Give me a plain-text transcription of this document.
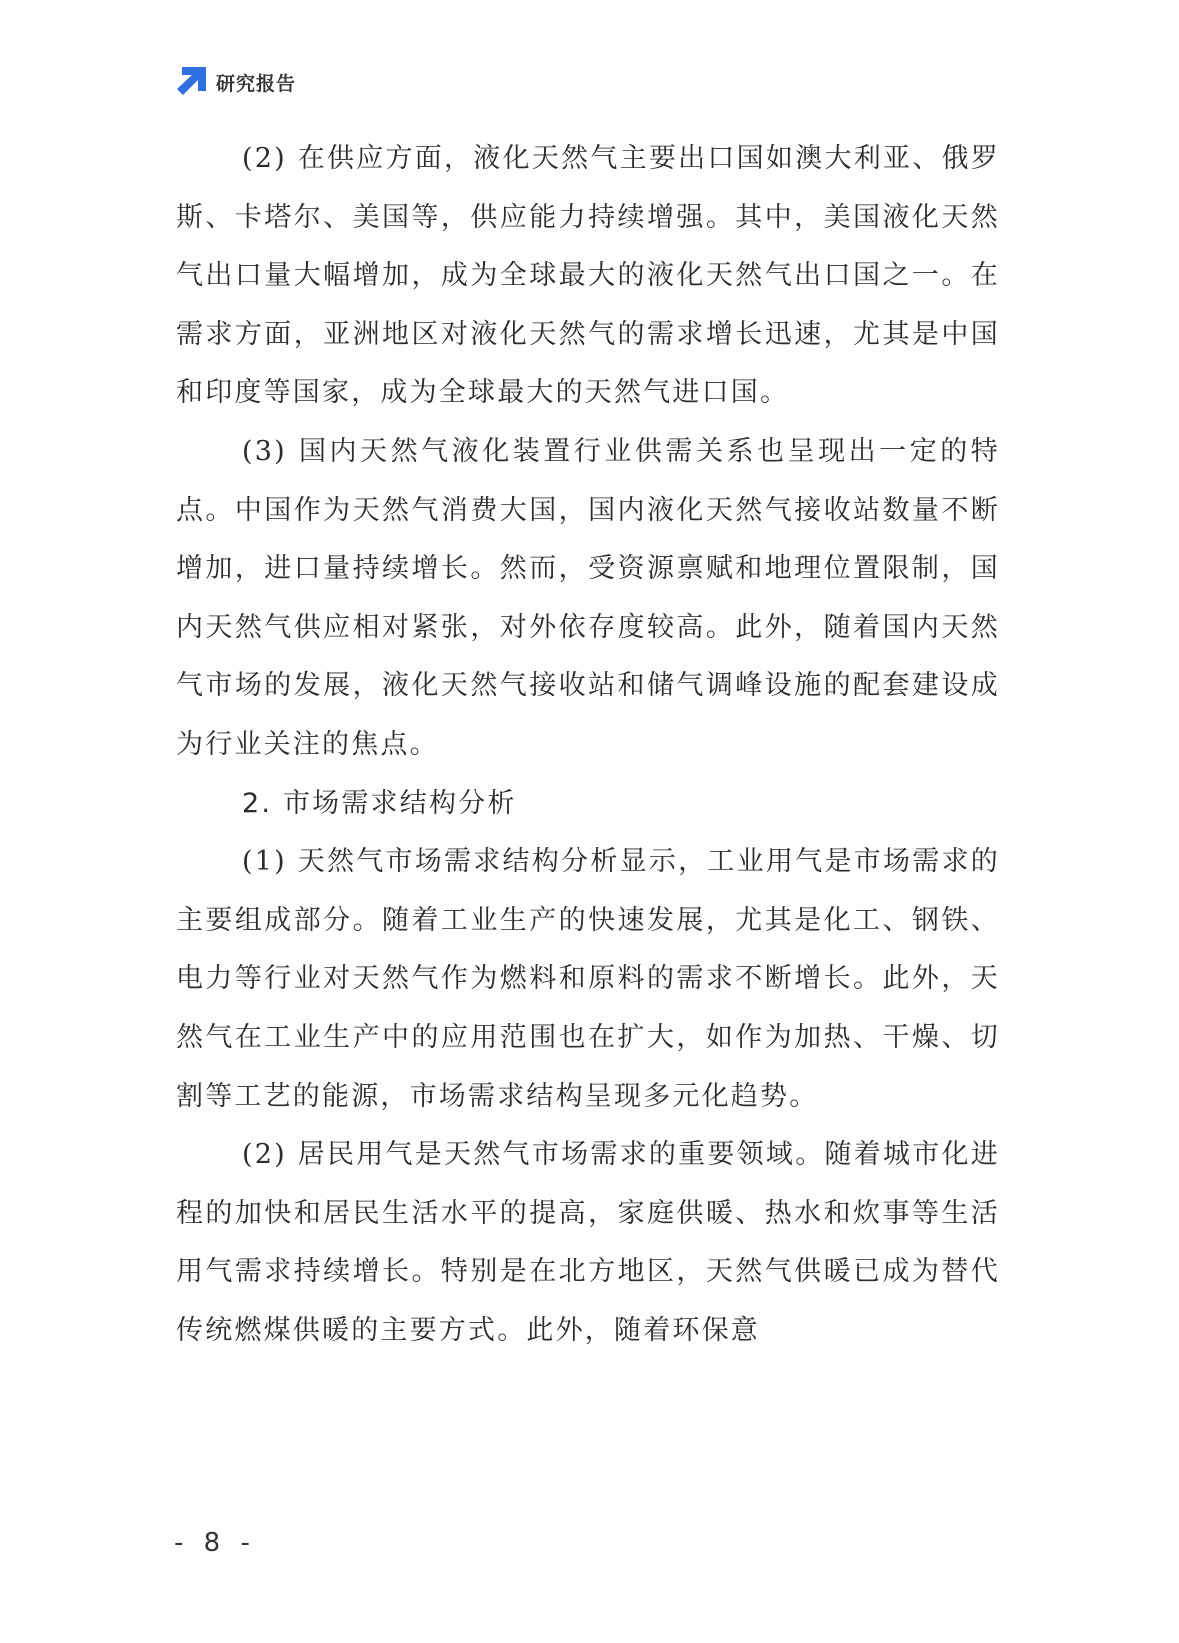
研究报告

(2) 在供应方面，液化天然气主要出口国如澳大利亚、俄罗斯、卡塔尔、美国等，供应能力持续增强。其中，美国液化天然气出口量大幅增加，成为全球最大的液化天然气出口国之一。在需求方面，亚洲地区对液化天然气的需求增长迅速，尤其是中国和印度等国家，成为全球最大的天然气进口国。

(3) 国内天然气液化装置行业供需关系也呈现出一定的特点。中国作为天然气消费大国，国内液化天然气接收站数量不断增加，进口量持续增长。然而，受资源禀赋和地理位置限制，国内天然气供应相对紧张，对外依存度较高。此外，随着国内天然气市场的发展，液化天然气接收站和储气调峰设施的配套建设成为行业关注的焦点。

2. 市场需求结构分析

(1) 天然气市场需求结构分析显示，工业用气是市场需求的主要组成部分。随着工业生产的快速发展，尤其是化工、钢铁、电力等行业对天然气作为燃料和原料的需求不断增长。此外，天然气在工业生产中的应用范围也在扩大，如作为加热、干燥、切割等工艺的能源，市场需求结构呈现多元化趋势。

(2) 居民用气是天然气市场需求的重要领域。随着城市化进程的加快和居民生活水平的提高，家庭供暖、热水和炊事等生活用气需求持续增长。特别是在北方地区，天然气供暖已成为替代传统燃煤供暖的主要方式。此外，随着环保意

- 8 -
